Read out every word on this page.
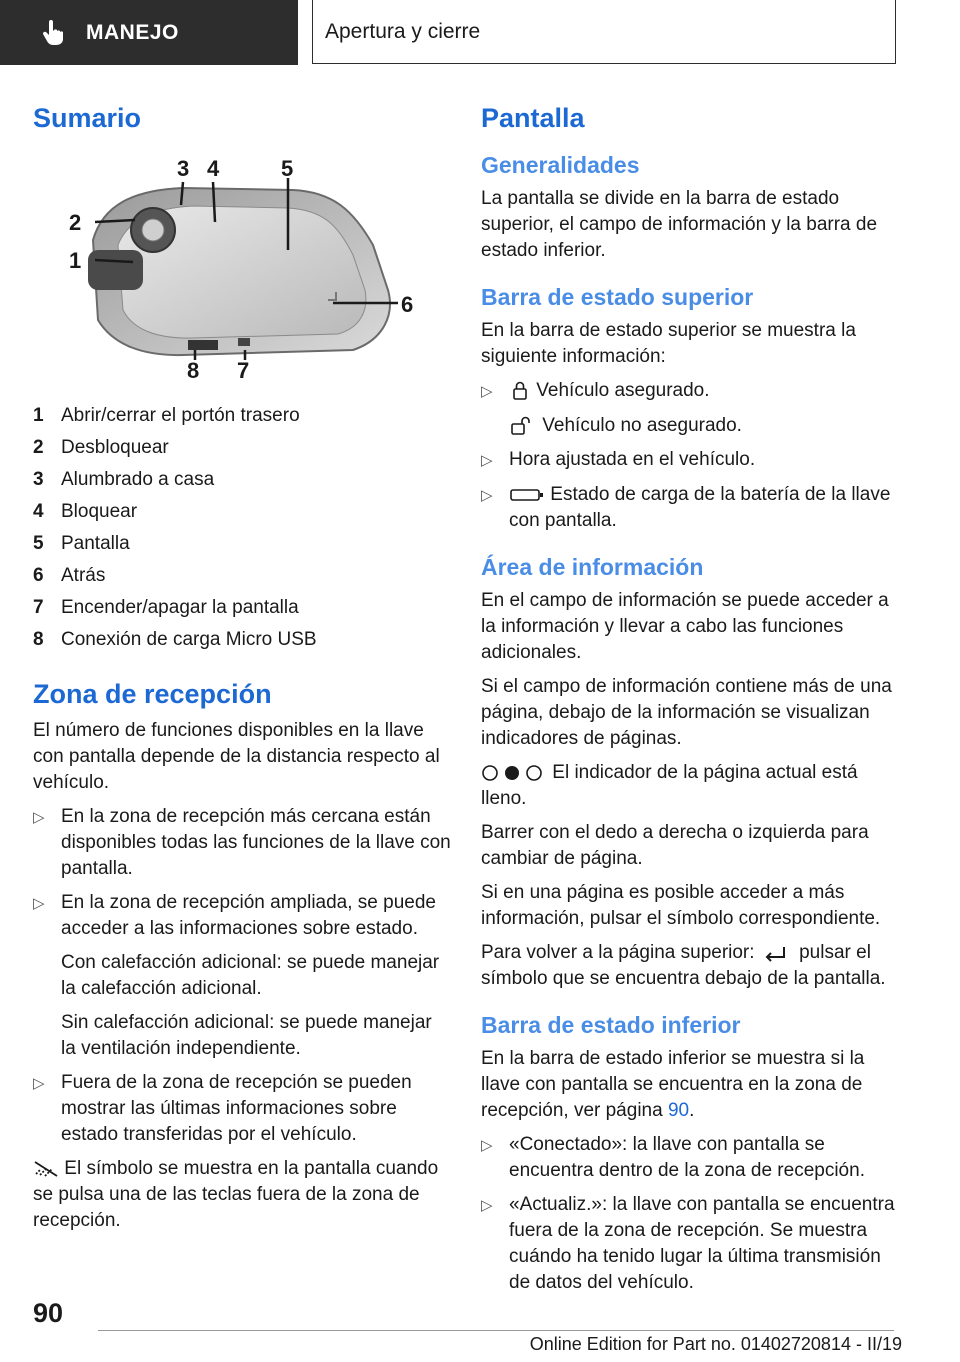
MANEJO	Apertura y cierre
Sumario
1
2
3 4	5
6
7
8
1 Abrir/cerrar el portón trasero
2 Desbloquear
3 Alumbrado a casa
4 Bloquear
5 Pantalla
6 Atrás
7 Encender/apagar la pantalla
8 Conexión de carga Micro USB
Zona de recepción

El número de funciones disponibles en la llave con pantalla depende de la distancia respecto al vehículo.

▷ En la zona de recepción más cercana están disponibles todas las funciones de la llave con pantalla.
▷ En la zona de recepción ampliada, se puede acceder a las informaciones sobre estado.

Con calefacción adicional: se puede manejar la calefacción adicional.

Sin calefacción adicional: se puede manejar la ventilación independiente.

▷ Fuera de la zona de recepción se pueden mostrar las últimas informaciones sobre estado transferidas por el vehículo.

El símbolo se muestra en la pantalla cuando se pulsa una de las teclas fuera de la zona de recepción.

Pantalla
Generalidades

La pantalla se divide en la barra de estado superior, el campo de información y la barra de estado inferior.

Barra de estado superior

En la barra de estado superior se muestra la siguiente información:

▷	Vehículo asegurado.

Vehículo no asegurado.

▷ Hora ajustada en el vehículo.
▷	Estado de carga de la batería de la llave con pantalla.
Área de información

En el campo de información se puede acceder a la información y llevar a cabo las funciones adicionales.

Si el campo de información contiene más de una página, debajo de la información se visualizan indicadores de páginas.

El indicador de la página actual está lleno.

Barrer con el dedo a derecha o izquierda para cambiar de página.

Si en una página es posible acceder a más información, pulsar el símbolo correspondiente.

Para volver a la página superior: pulsar el símbolo que se encuentra debajo de la pantalla.

Barra de estado inferior

En la barra de estado inferior se muestra si la llave con pantalla se encuentra en la zona de recepción, ver página 90.

▷ «Conectado»: la llave con pantalla se encuentra dentro de la zona de recepción.
▷ «Actualiz.»: la llave con pantalla se encuentra fuera de la zona de recepción. Se muestra cuándo ha tenido lugar la última transmisión de datos del vehículo.
90
Online Edition for Part no. 01402720814 - II/19
